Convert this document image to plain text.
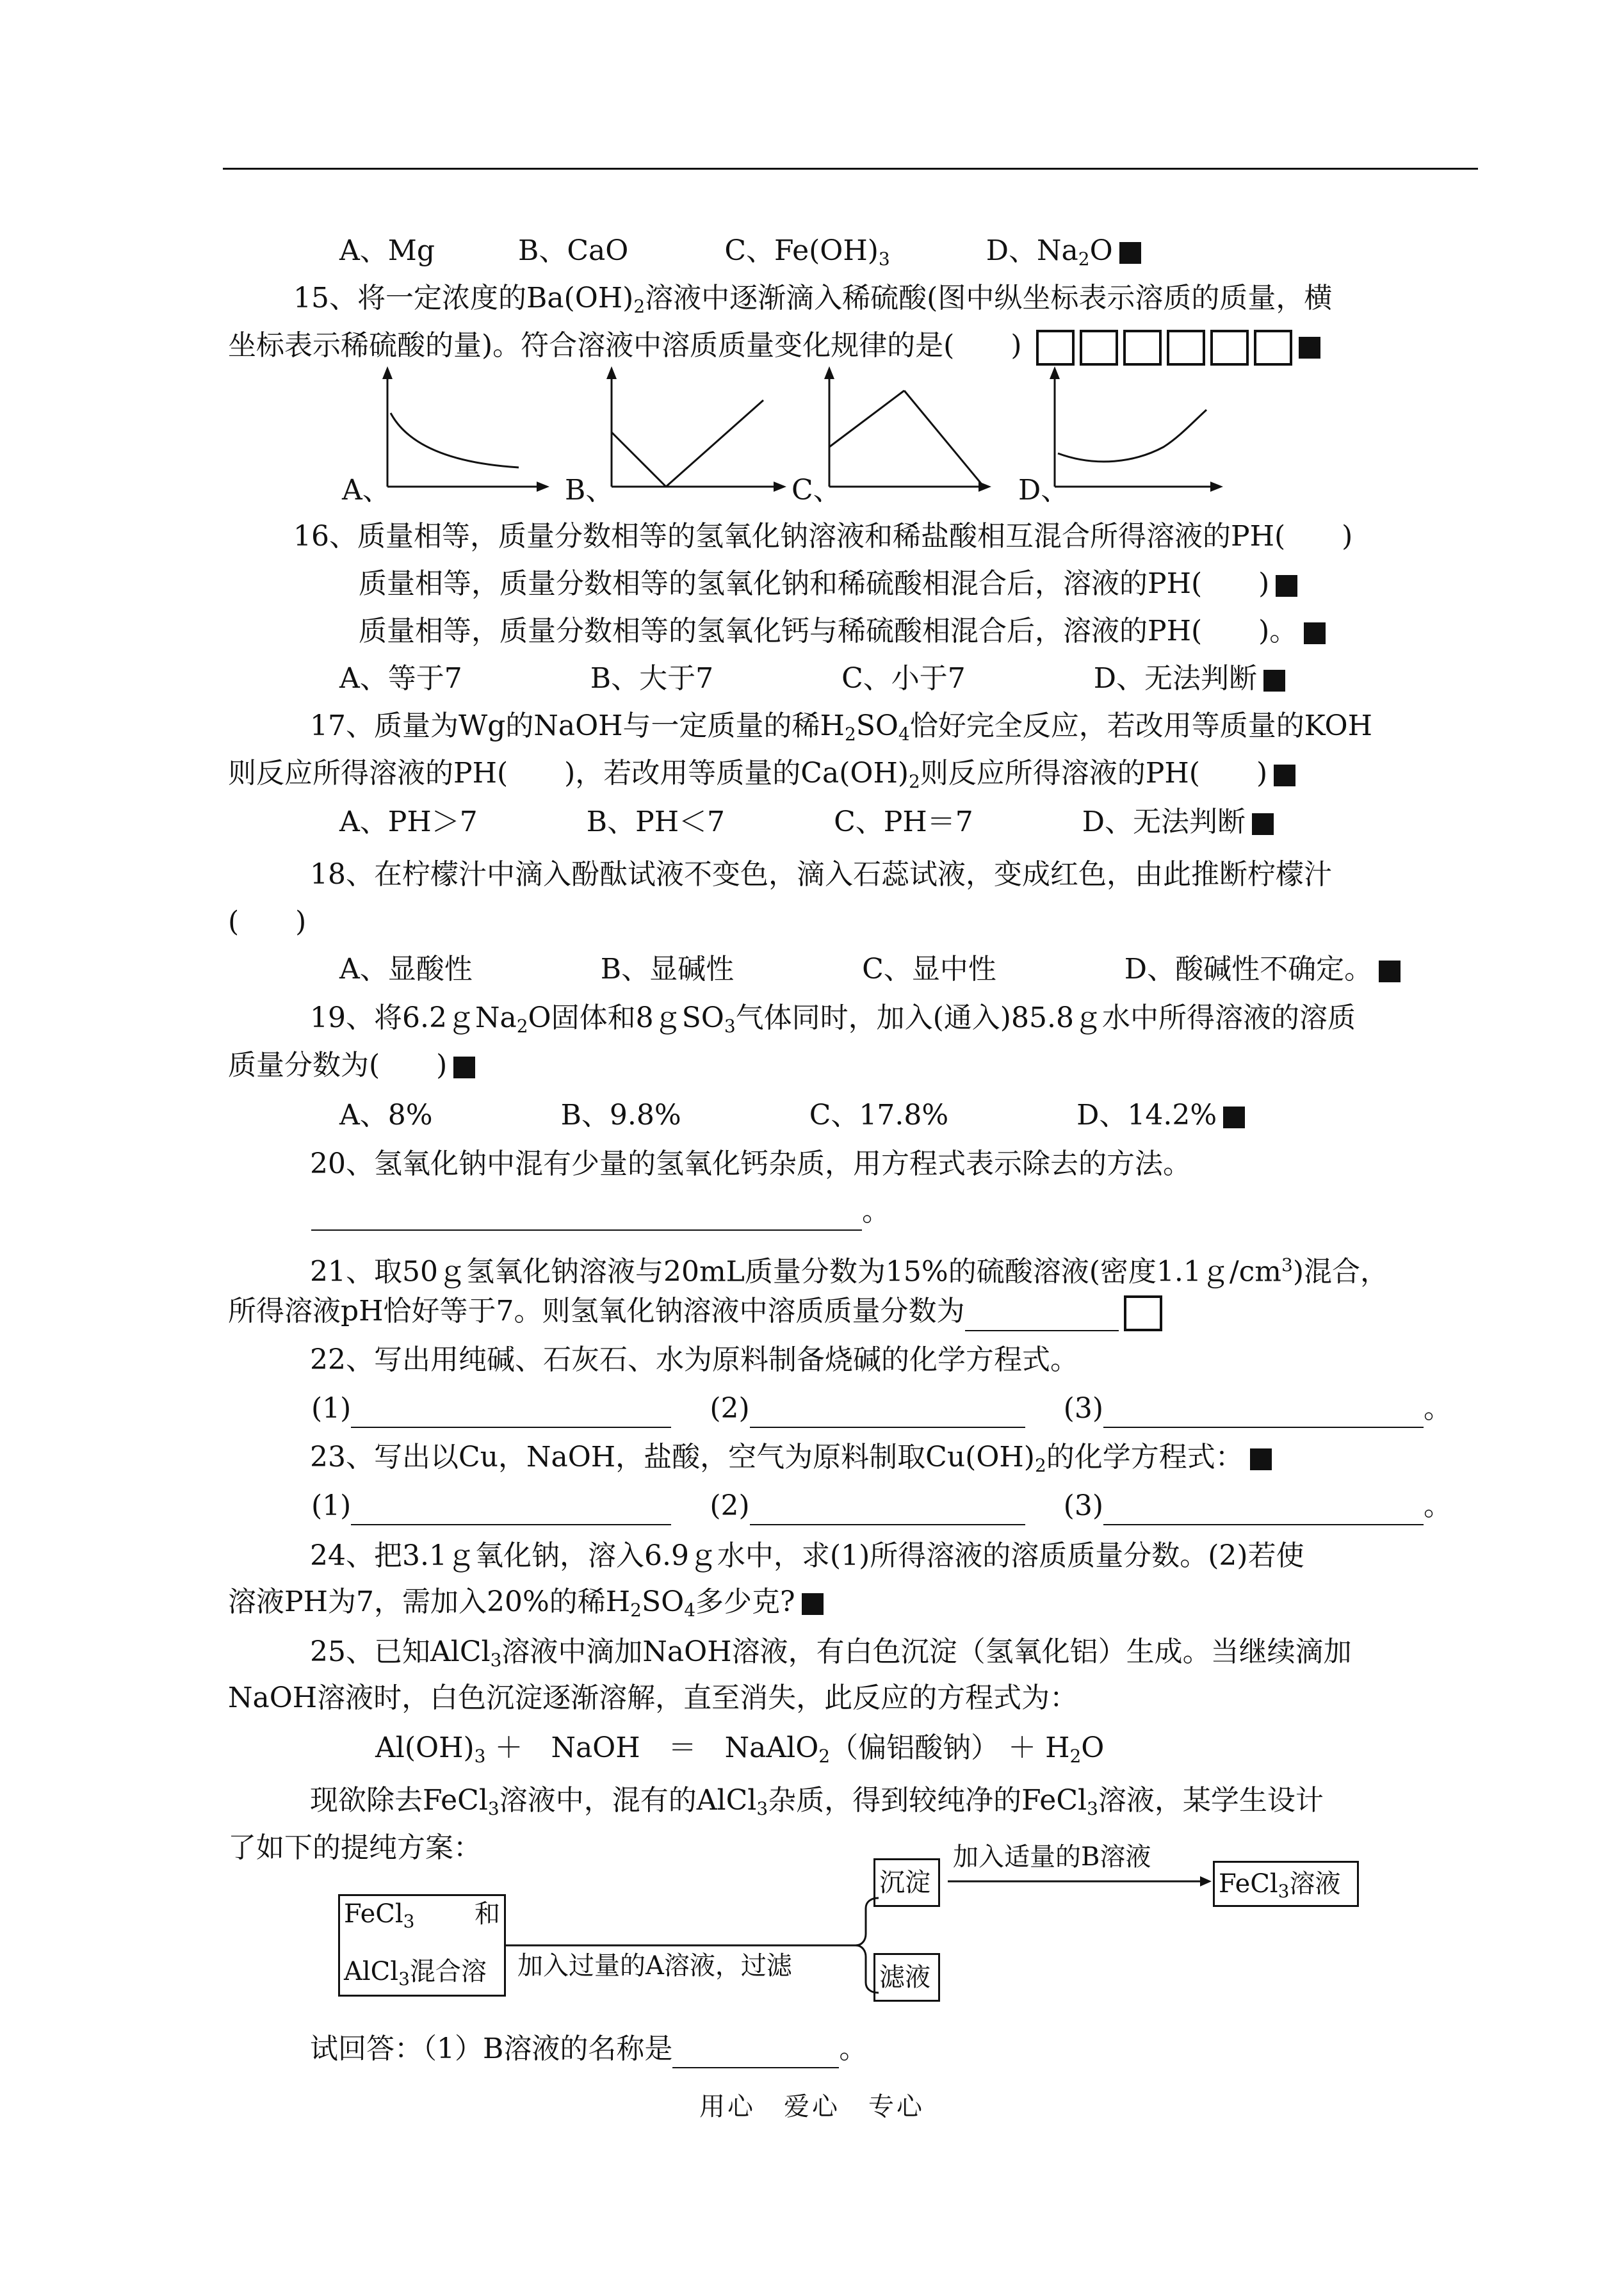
A、Mg	B、CaO	C、$Fe(OH)_3$	D、$Na_2O$
15、将一定浓度的$Ba(OH)_2$溶液中逐渐滴入稀硫酸(图中纵坐标表示溶质的质量，横
坐标表示稀硫酸的量)。符合溶液中溶质质量变化规律的是(　　)
A、	B、	C、	D、
16、质量相等，质量分数相等的氢氧化钠溶液和稀盐酸相互混合所得溶液的PH(　　)
质量相等，质量分数相等的氢氧化钠和稀硫酸相混合后，溶液的PH(　　)
质量相等，质量分数相等的氢氧化钙与稀硫酸相混合后，溶液的PH(　　)。
A、等于7	B、大于7	C、小于7	D、无法判断
17、质量为Wg的NaOH与一定质量的稀$H_2SO_4$恰好完全反应，若改用等质量的KOH
则反应所得溶液的PH(　　)，若改用等质量的$Ca(OH)_2$则反应所得溶液的PH(　　)
A、PH＞7	B、PH＜7	C、PH＝7	D、无法判断
18、在柠檬汁中滴入酚酞试液不变色，滴入石蕊试液，变成红色，由此推断柠檬汁
(　　)
A、显酸性	B、显碱性	C、显中性	D、酸碱性不确定。
19、将6.2ｇNa$_2$O固体和8ｇSO$_3$气体同时，加入(通入)85.8ｇ水中所得溶液的溶质
质量分数为(　　)
A、8%	B、9.8%	C、17.8%	D、14.2%
20、氢氧化钠中混有少量的氢氧化钙杂质，用方程式表示除去的方法。
。
21、取50ｇ氢氧化钠溶液与20mL质量分数为15%的硫酸溶液(密度$1.1g/cm^3$)混合，
所得溶液pH恰好等于7。则氢氧化钠溶液中溶质质量分数为
22、写出用纯碱、石灰石、水为原料制备烧碱的化学方程式。
(1)	(2)	(3)	。
23、写出以Cu，NaOH，盐酸，空气为原料制取$Cu(OH)_2$的化学方程式：
(1)	(2)	(3)	。
24、把3.1ｇ氧化钠，溶入6.9ｇ水中，求(1)所得溶液的溶质质量分数。(2)若使
溶液PH为7，需加入20%的稀$H_2SO_4$多少克?
25、已知AlCl$_3$溶液中滴加NaOH溶液，有白色沉淀（氢氧化铝）生成。当继续滴加
NaOH溶液时，白色沉淀逐渐溶解，直至消失，此反应的方程式为：
$Al(OH)_3$ ＋　NaOH　＝　NaAlO$_2$（偏铝酸钠） ＋ $H_2O$
现欲除去FeCl$_3$溶液中，混有的AlCl$_3$杂质，得到较纯净的FeCl$_3$溶液，某学生设计
了如下的提纯方案：
FeCl$_3$ 和
AlCl$_3$混合溶	加入过量的A溶液，过滤
沉淀
滤液
加入适量的B溶液
FeCl$_3$溶液
试回答：（1）B溶液的名称是	。
用心　爱心　专心
